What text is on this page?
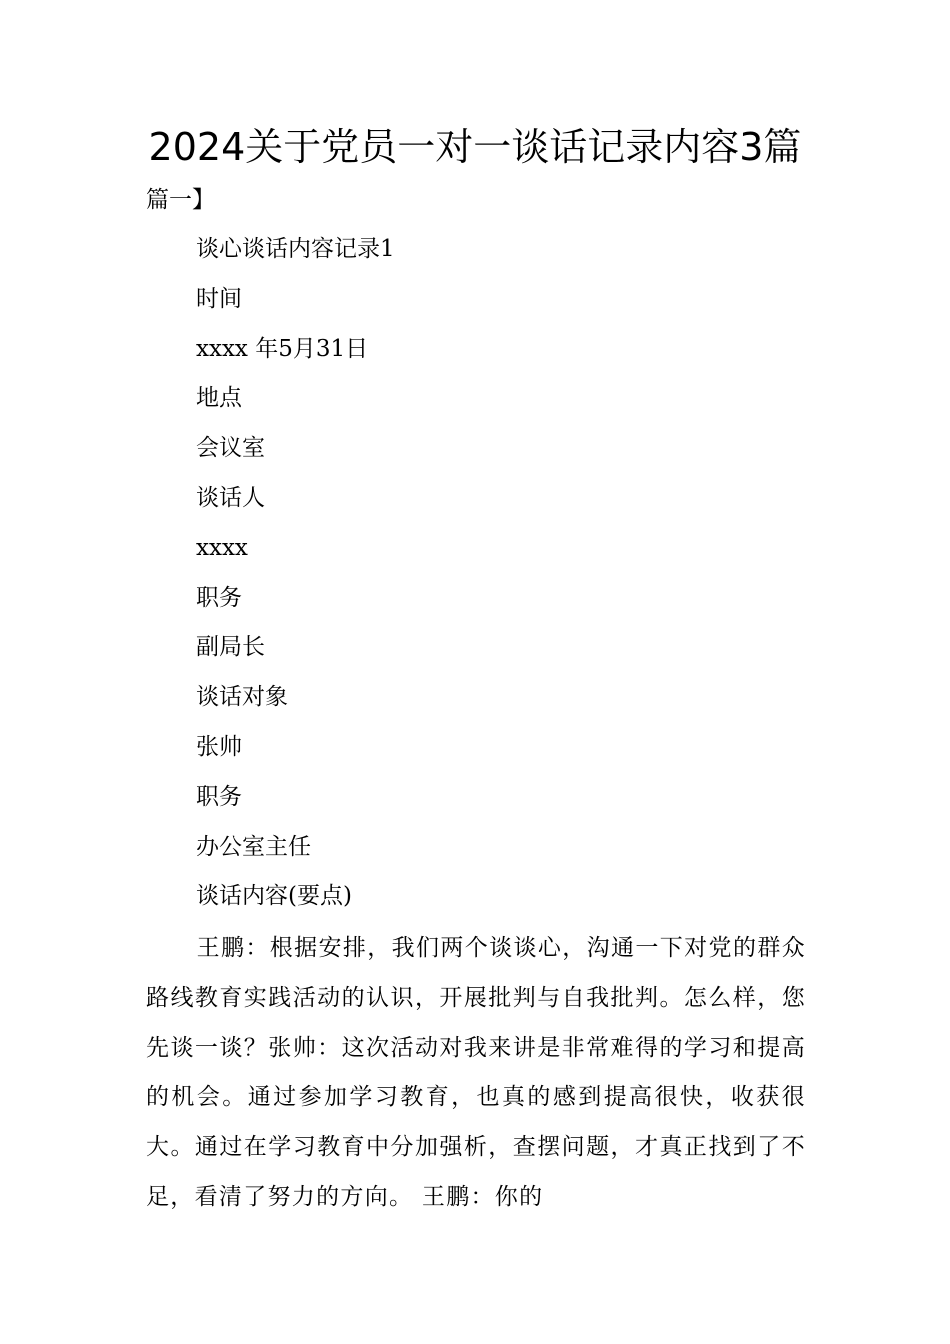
2024关于党员一对一谈话记录内容3篇
篇一】
谈心谈话内容记录1
时间
xxxx 年5月31日
地点
会议室
谈话人
xxxx
职务
副局长
谈话对象
张帅
职务
办公室主任
谈话内容(要点)

王鹏：根据安排，我们两个谈谈心，沟通一下对党的群众路线教育实践活动的认识，开展批判与自我批判。怎么样，您先谈一谈？张帅：这次活动对我来讲是非常难得的学习和提高的机会。通过参加学习教育，也真的感到提高很快，收获很大。通过在学习教育中分加强析，查摆问题，才真正找到了不足，看清了努力的方向。 王鹏：你的
